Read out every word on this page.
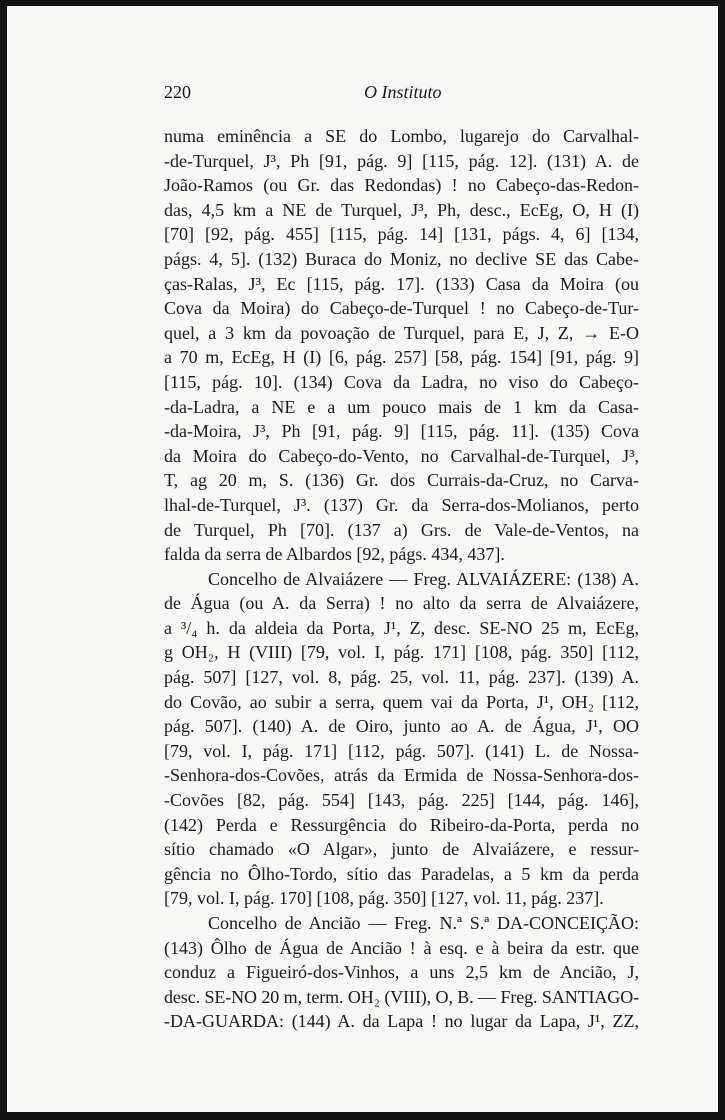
220	O Instituto
numa eminência a SE do Lombo, lugarejo do Carvalhal-
-de-Turquel, J³, Ph [91, pág. 9] [115, pág. 12]. (131) A. de
João-Ramos (ou Gr. das Redondas) ! no Cabeço-das-Redon-
das, 4,5 km a NE de Turquel, J³, Ph, desc., EcEg, O, H (I)
[70] [92, pág. 455] [115, pág. 14] [131, págs. 4, 6] [134,
págs. 4, 5]. (132) Buraca do Moniz, no declive SE das Cabe-
ças-Ralas, J³, Ec [115, pág. 17]. (133) Casa da Moira (ou
Cova da Moira) do Cabeço-de-Turquel ! no Cabeço-de-Tur-
quel, a 3 km da povoação de Turquel, para E, J, Z, → E-O
a 70 m, EcEg, H (I) [6, pág. 257] [58, pág. 154] [91, pág. 9]
[115, pág. 10]. (134) Cova da Ladra, no viso do Cabeço-
-da-Ladra, a NE e a um pouco mais de 1 km da Casa-
-da-Moira, J³, Ph [91, pág. 9] [115, pág. 11]. (135) Cova
da Moira do Cabeço-do-Vento, no Carvalhal-de-Turquel, J³,
T, ag 20 m, S. (136) Gr. dos Currais-da-Cruz, no Carva-
lhal-de-Turquel, J³. (137) Gr. da Serra-dos-Molianos, perto
de Turquel, Ph [70]. (137 a) Grs. de Vale-de-Ventos, na
falda da serra de Albardos [92, págs. 434, 437].
Concelho de Alvaiázere — Freg. ALVAIÁZERE: (138) A.
de Água (ou A. da Serra) ! no alto da serra de Alvaiázere,
a ³/₄ h. da aldeia da Porta, J¹, Z, desc. SE-NO 25 m, EcEg,
g OH₂, H (VIII) [79, vol. I, pág. 171] [108, pág. 350] [112,
pág. 507] [127, vol. 8, pág. 25, vol. 11, pág. 237]. (139) A.
do Covão, ao subir a serra, quem vai da Porta, J¹, OH₂ [112,
pág. 507]. (140) A. de Oiro, junto ao A. de Água, J¹, OO
[79, vol. I, pág. 171] [112, pág. 507]. (141) L. de Nossa-
-Senhora-dos-Covões, atrás da Ermida de Nossa-Senhora-dos-
-Covões [82, pág. 554] [143, pág. 225] [144, pág. 146],
(142) Perda e Ressurgência do Ribeiro-da-Porta, perda no
sítio chamado «O Algar», junto de Alvaiázere, e ressur-
gência no Ôlho-Tordo, sítio das Paradelas, a 5 km da perda
[79, vol. I, pág. 170] [108, pág. 350] [127, vol. 11, pág. 237].
Concelho de Ancião — Freg. N.ª S.ª DA-CONCEIÇÃO:
(143) Ôlho de Água de Ancião ! à esq. e à beira da estr. que
conduz a Figueiró-dos-Vinhos, a uns 2,5 km de Ancião, J,
desc. SE-NO 20 m, term. OH₂ (VIII), O, B. — Freg. SANTIAGO-
-DA-GUARDA: (144) A. da Lapa ! no lugar da Lapa, J¹, ZZ,
